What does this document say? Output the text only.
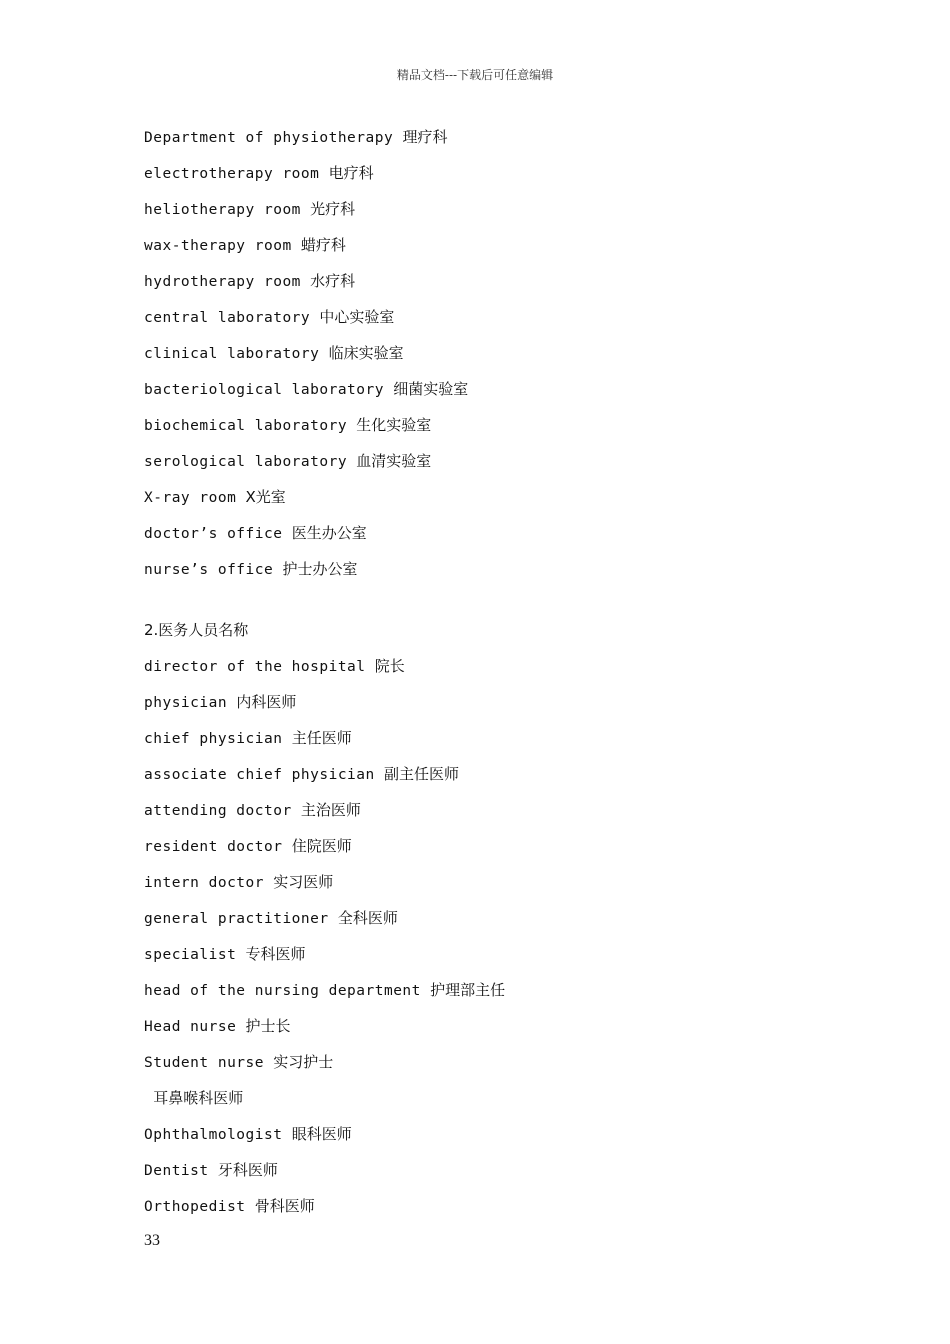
精品文档---下载后可任意编辑
Department of physiotherapy 理疗科
electrotherapy room 电疗科
heliotherapy room 光疗科
wax-therapy room 蜡疗科
hydrotherapy room 水疗科
central laboratory 中心实验室
clinical laboratory 临床实验室
bacteriological laboratory 细菌实验室
biochemical laboratory 生化实验室
serological laboratory 血清实验室
X-ray room X光室
doctor’s office 医生办公室
nurse’s office 护士办公室
2.医务人员名称
director of the hospital 院长
physician 内科医师
chief physician 主任医师
associate chief physician 副主任医师
attending doctor 主治医师
resident doctor 住院医师
intern doctor 实习医师
general practitioner 全科医师
specialist 专科医师
head of the nursing department 护理部主任
Head nurse 护士长
Student nurse 实习护士
耳鼻喉科医师
Ophthalmologist 眼科医师
Dentist 牙科医师
Orthopedist 骨科医师
33
